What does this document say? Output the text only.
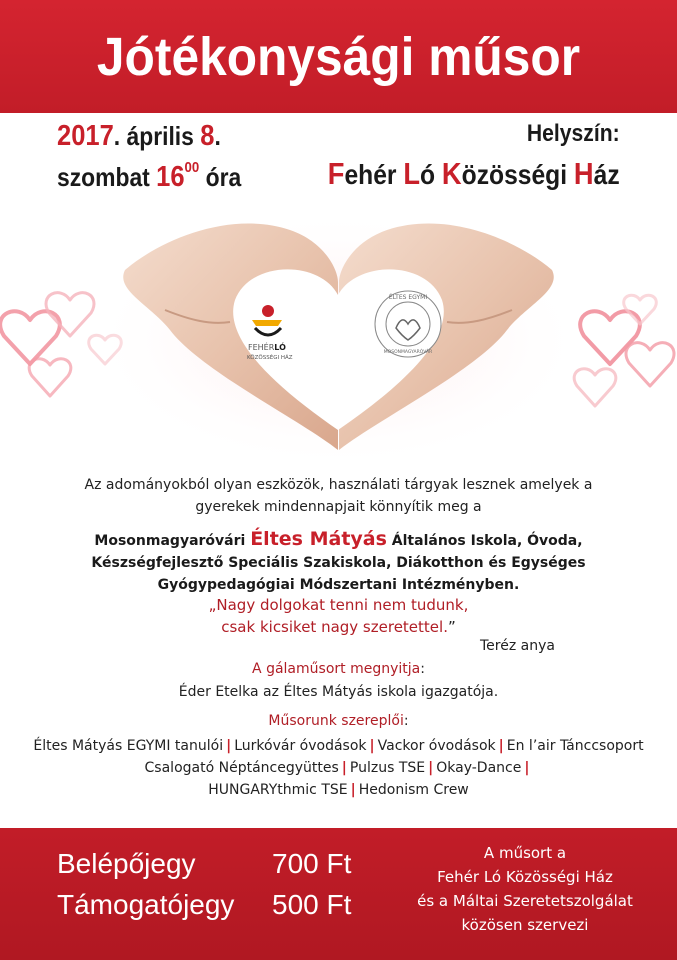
Jótékonysági műsor
2017. április 8.
szombat $16^{00}$ óra
Helyszín:
Fehér Ló Közösségi Ház
FEHÉRLÓ
KÖZÖSSÉGI HÁZ
ÉLTES EGYMI
MOSONMAGYARÓVÁR
Az adományokból olyan eszközök, használati tárgyak lesznek amelyek a
gyerekek mindennapjait könnyítik meg a
Mosonmagyaróvári Éltes Mátyás Általános Iskola, Óvoda,
Készségfejlesztő Speciális Szakiskola, Diákotthon és Egységes
Gyógypedagógiai Módszertani Intézményben.
„Nagy dolgokat tenni nem tudunk,
csak kicsiket nagy szeretettel.”
Teréz anya
A gálaműsort megnyitja:
Éder Etelka az Éltes Mátyás iskola igazgatója.
Műsorunk szereplői:
Éltes Mátyás EGYMI tanulói | Lurkóvár óvodások | Vackor óvodások | En l’air Tánccsoport
Csalogató Néptáncegyüttes | Pulzus TSE | Okay-Dance |
HUNGARYthmic TSE | Hedonism Crew
Belépőjegy	700 Ft
Támogatójegy 500 Ft
A műsort a
Fehér Ló Közösségi Ház
és a Máltai Szeretetszolgálat
közösen szervezi
